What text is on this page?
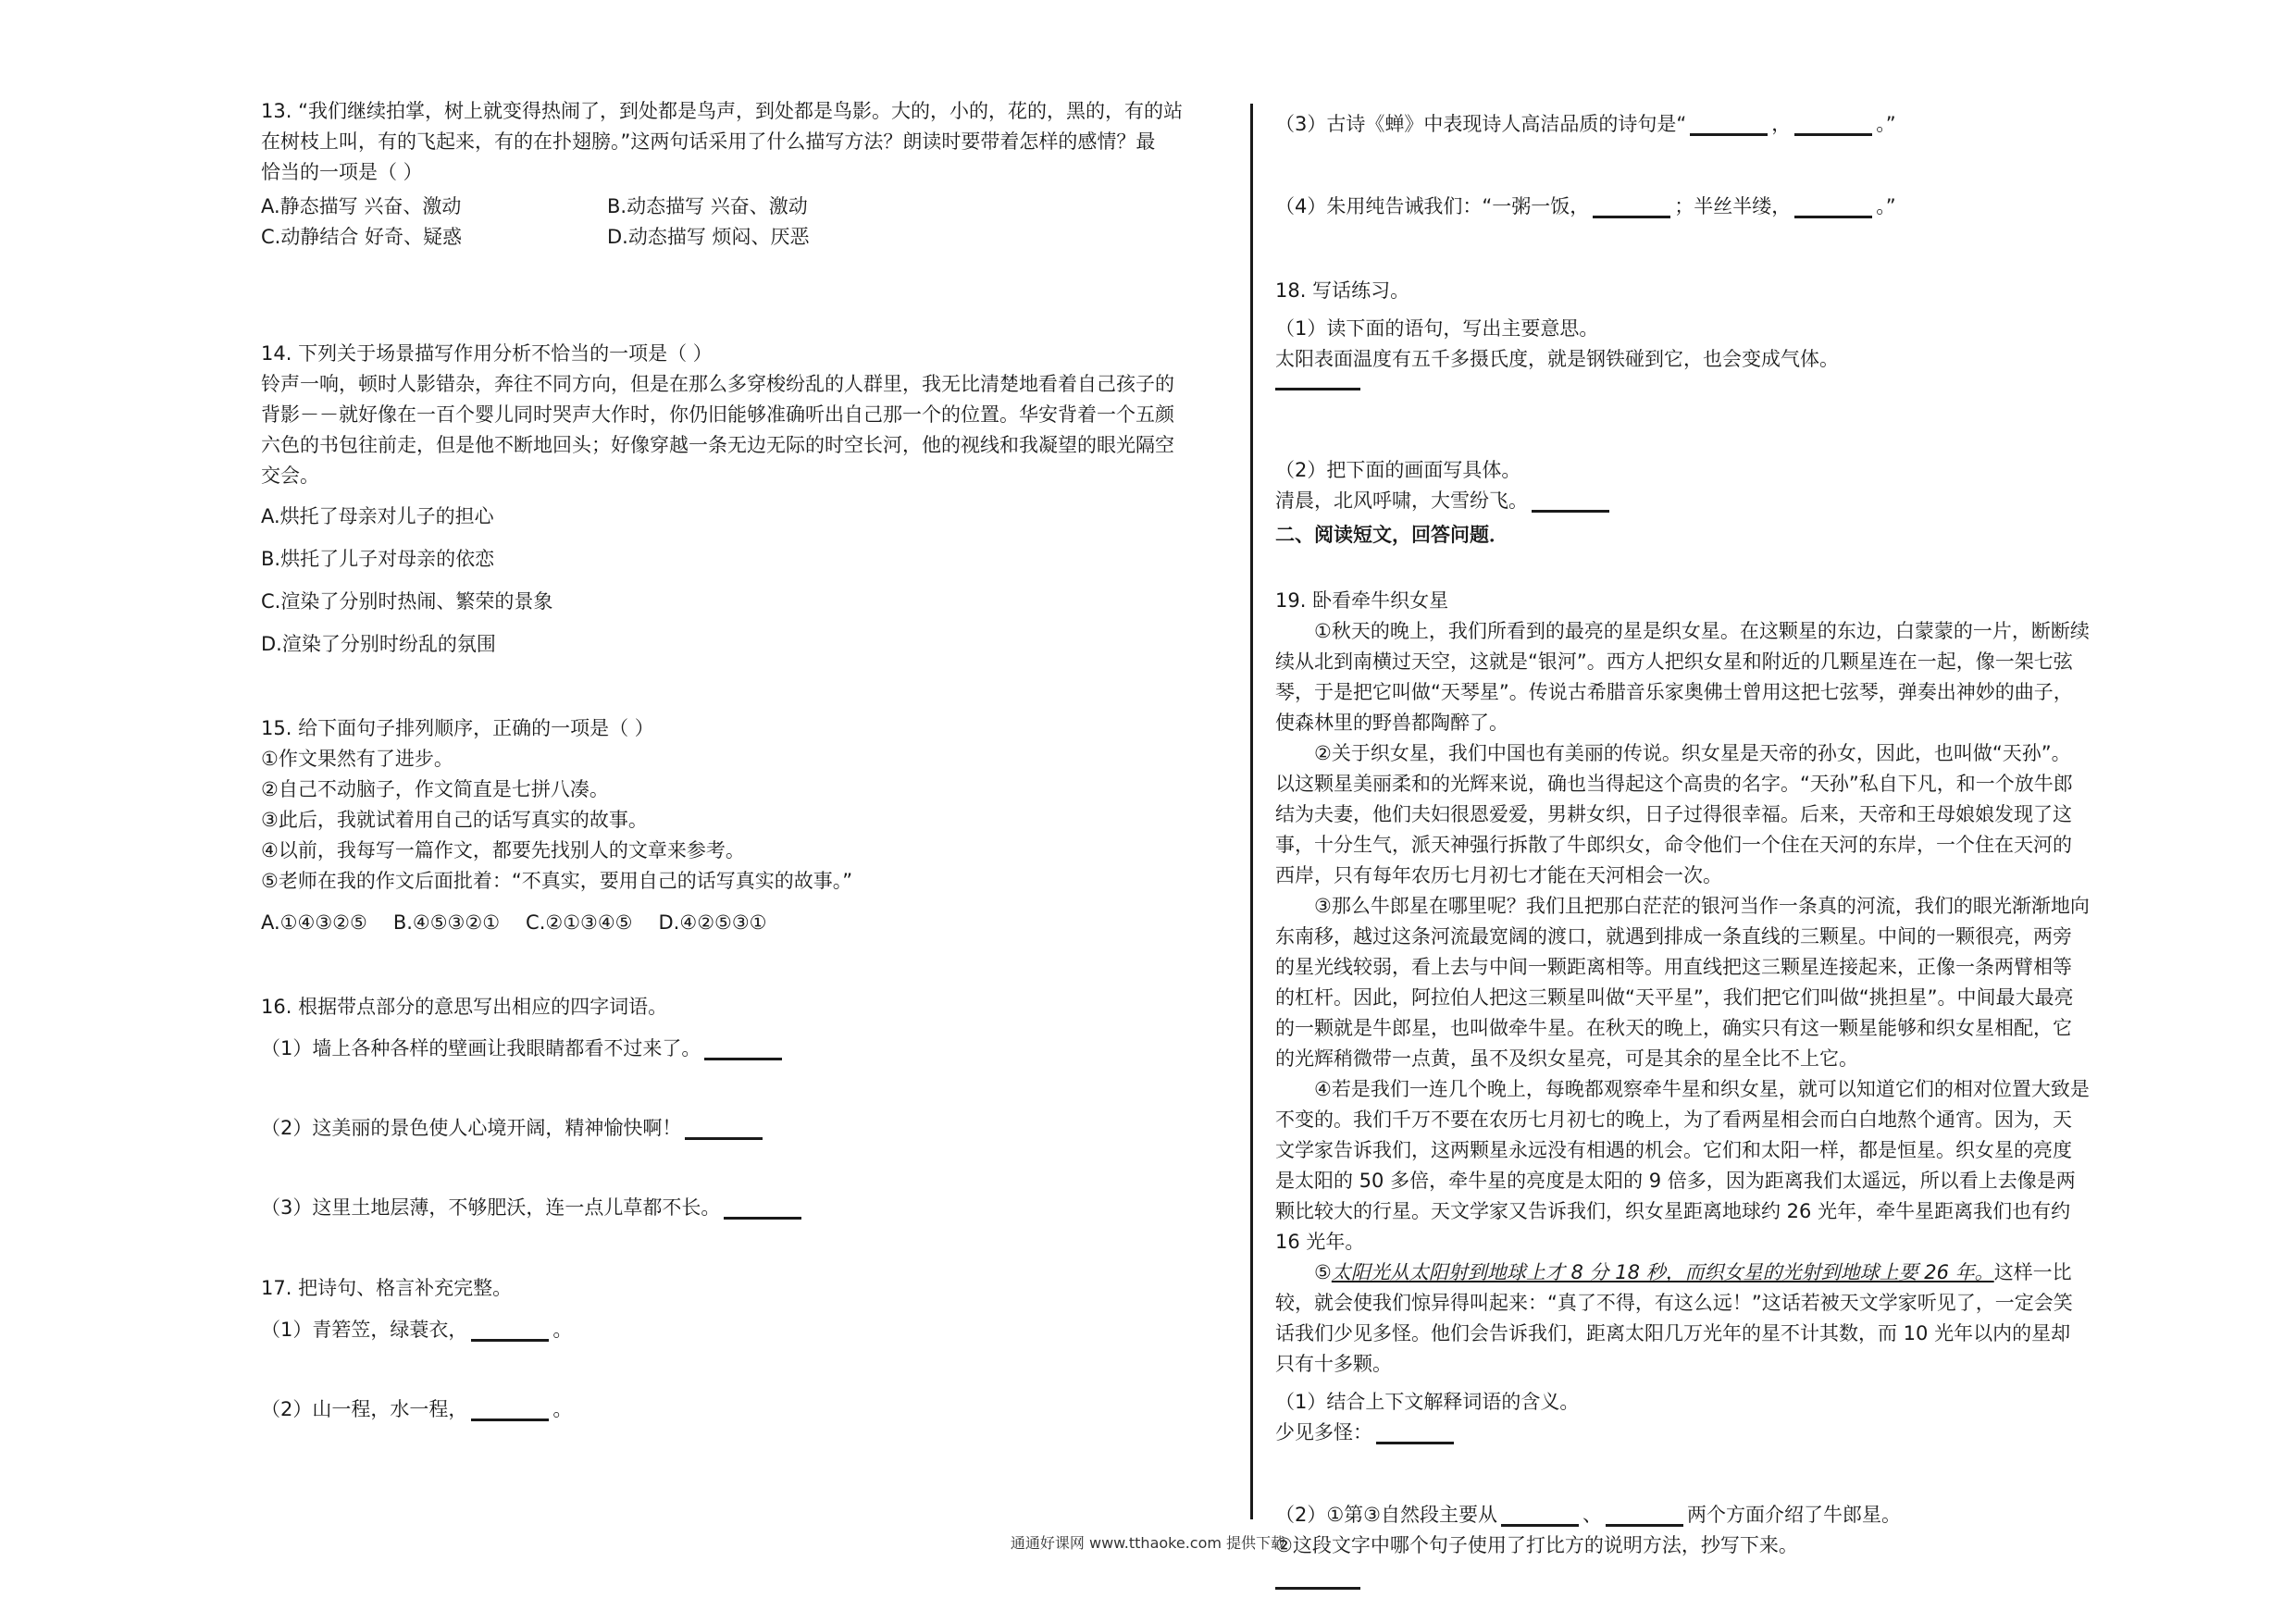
13. “我们继续拍掌，树上就变得热闹了，到处都是鸟声，到处都是鸟影。大的，小的，花的，黑的，有的站

在树枝上叫，有的飞起来，有的在扑翅膀。”这两句话采用了什么描写方法？朗读时要带着怎样的感情？最

恰当的一项是（ ）

A.静态描写 兴奋、激动	B.动态描写 兴奋、激动
C.动静结合 好奇、疑惑	D.动态描写 烦闷、厌恶

14. 下列关于场景描写作用分析不恰当的一项是（ ）

铃声一响，顿时人影错杂，奔往不同方向，但是在那么多穿梭纷乱的人群里，我无比清楚地看着自己孩子的

背影－－就好像在一百个婴儿同时哭声大作时，你仍旧能够准确听出自己那一个的位置。华安背着一个五颜

六色的书包往前走，但是他不断地回头；好像穿越一条无边无际的时空长河，他的视线和我凝望的眼光隔空

交会。

A.烘托了母亲对儿子的担心

B.烘托了儿子对母亲的依恋

C.渲染了分别时热闹、繁荣的景象

D.渲染了分别时纷乱的氛围

15. 给下面句子排列顺序，正确的一项是（ ）

①作文果然有了进步。

②自己不动脑子，作文简直是七拼八凑。

③此后，我就试着用自己的话写真实的故事。

④以前，我每写一篇作文，都要先找别人的文章来参考。

⑤老师在我的作文后面批着：“不真实，要用自己的话写真实的故事。”

A.①④③②⑤ B.④⑤③②① C.②①③④⑤ D.④②⑤③①

16. 根据带点部分的意思写出相应的四字词语。

（1）墙上各种各样的壁画让我眼睛都看不过来了。

（2）这美丽的景色使人心境开阔，精神愉快啊！

（3）这里土地层薄，不够肥沃，连一点儿草都不长。

17. 把诗句、格言补充完整。

（1）青箬笠，绿蓑衣，	。

（2）山一程，水一程，	。

（3）古诗《蝉》中表现诗人高洁品质的诗句是“	，	。”

（4）朱用纯告诫我们：“一粥一饭，	；半丝半缕，	。”

18. 写话练习。

（1）读下面的语句，写出主要意思。

太阳表面温度有五千多摄氏度，就是钢铁碰到它，也会变成气体。

（2）把下面的画面写具体。

清晨，北风呼啸，大雪纷飞。

二、阅读短文，回答问题．

19. 卧看牵牛织女星

①秋天的晚上，我们所看到的最亮的星是织女星。在这颗星的东边，白蒙蒙的一片，断断续续从北到南横过天空，这就是“银河”。西方人把织女星和附近的几颗星连在一起，像一架七弦琴，于是把它叫做“天琴星”。传说古希腊音乐家奥佛士曾用这把七弦琴，弹奏出神妙的曲子，使森林里的野兽都陶醉了。

②关于织女星，我们中国也有美丽的传说。织女星是天帝的孙女，因此，也叫做“天孙”。以这颗星美丽柔和的光辉来说，确也当得起这个高贵的名字。“天孙”私自下凡，和一个放牛郎结为夫妻，他们夫妇很恩爱爱，男耕女织，日子过得很幸福。后来，天帝和王母娘娘发现了这事，十分生气，派天神强行拆散了牛郎织女，命令他们一个住在天河的东岸，一个住在天河的西岸，只有每年农历七月初七才能在天河相会一次。

③那么牛郎星在哪里呢？我们且把那白茫茫的银河当作一条真的河流，我们的眼光渐渐地向东南移，越过这条河流最宽阔的渡口，就遇到排成一条直线的三颗星。中间的一颗很亮，两旁的星光线较弱，看上去与中间一颗距离相等。用直线把这三颗星连接起来，正像一条两臂相等的杠杆。因此，阿拉伯人把这三颗星叫做“天平星”，我们把它们叫做“挑担星”。中间最大最亮的一颗就是牛郎星，也叫做牵牛星。在秋天的晚上，确实只有这一颗星能够和织女星相配，它的光辉稍微带一点黄，虽不及织女星亮，可是其余的星全比不上它。

④若是我们一连几个晚上，每晚都观察牵牛星和织女星，就可以知道它们的相对位置大致是不变的。我们千万不要在农历七月初七的晚上，为了看两星相会而白白地熬个通宵。因为，天文学家告诉我们，这两颗星永远没有相遇的机会。它们和太阳一样，都是恒星。织女星的亮度是太阳的 50 多倍，牵牛星的亮度是太阳的 9 倍多，因为距离我们太遥远，所以看上去像是两颗比较大的行星。天文学家又告诉我们，织女星距离地球约 26 光年，牵牛星距离我们也有约 16 光年。

⑤太阳光从太阳射到地球上才 8 分 18 秒，而织女星的光射到地球上要 26 年。这样一比较，就会使我们惊异得叫起来：“真了不得，有这么远！”这话若被天文学家听见了，一定会笑话我们少见多怪。他们会告诉我们，距离太阳几万光年的星不计其数，而 10 光年以内的星却只有十多颗。

（1）结合上下文解释词语的含义。

少见多怪：

（2）①第③自然段主要从	、	两个方面介绍了牛郎星。

②这段文字中哪个句子使用了打比方的说明方法，抄写下来。

通通好课网 www.tthaoke.com 提供下载
